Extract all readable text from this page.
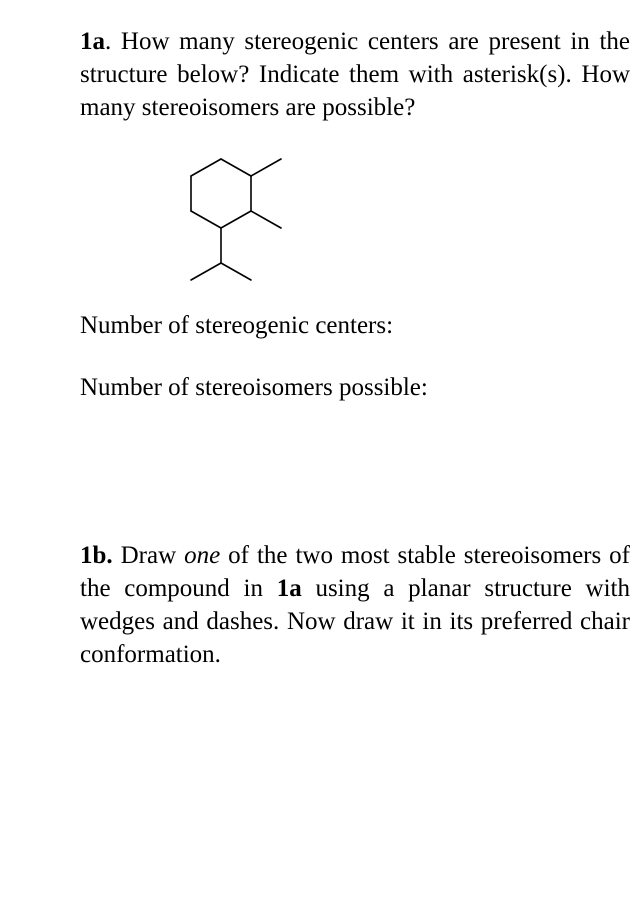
1a. How many stereogenic centers are present in the structure below? Indicate them with asterisk(s). How many stereoisomers are possible?

Number of stereogenic centers:

Number of stereoisomers possible:

1b. Draw one of the two most stable stereoisomers of the compound in 1a using a planar structure with wedges and dashes. Now draw it in its preferred chair conformation.
